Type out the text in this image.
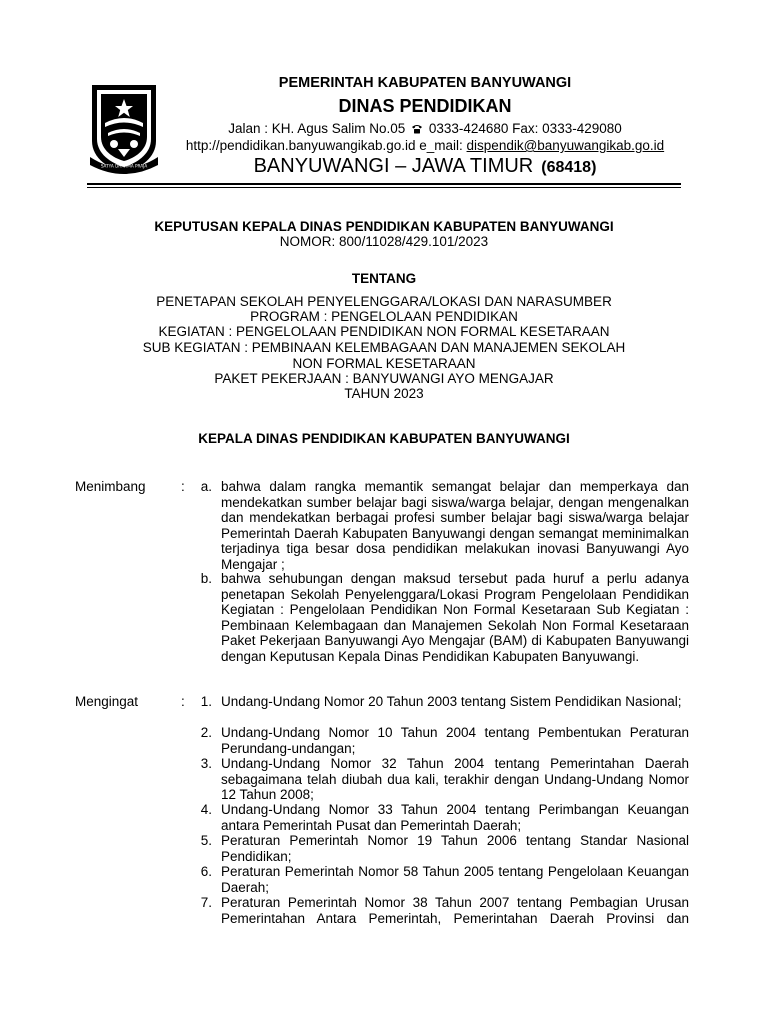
SATYA DHARMA PRAJA
PEMERINTAH KABUPATEN BANYUWANGI
DINAS PENDIDIKAN
Jalan : KH. Agus Salim No.05 0333-424680 Fax: 0333-429080
http://pendidikan.banyuwangikab.go.id e_mail: dispendik@banyuwangikab.go.id
BANYUWANGI – JAWA TIMUR (68418)
KEPUTUSAN KEPALA DINAS PENDIDIKAN KABUPATEN BANYUWANGI
NOMOR: 800/11028/429.101/2023
TENTANG
PENETAPAN SEKOLAH PENYELENGGARA/LOKASI DAN NARASUMBER
PROGRAM : PENGELOLAAN PENDIDIKAN
KEGIATAN : PENGELOLAAN PENDIDIKAN NON FORMAL KESETARAAN
SUB KEGIATAN : PEMBINAAN KELEMBAGAAN DAN MANAJEMEN SEKOLAH
NON FORMAL KESETARAAN
PAKET PEKERJAAN : BANYUWANGI AYO MENGAJAR
TAHUN 2023
KEPALA DINAS PENDIDIKAN KABUPATEN BANYUWANGI
Menimbang	:	a. bahwa dalam rangka memantik semangat belajar dan memperkaya dan mendekatkan sumber belajar bagi siswa/warga belajar, dengan mengenalkan dan mendekatkan berbagai profesi sumber belajar bagi siswa/warga belajar Pemerintah Daerah Kabupaten Banyuwangi dengan semangat meminimalkan terjadinya tiga besar dosa pendidikan melakukan inovasi Banyuwangi Ayo Mengajar ;
b. bahwa sehubungan dengan maksud tersebut pada huruf a perlu adanya penetapan Sekolah Penyelenggara/Lokasi Program Pengelolaan Pendidikan Kegiatan : Pengelolaan Pendidikan Non Formal Kesetaraan Sub Kegiatan : Pembinaan Kelembagaan dan Manajemen Sekolah Non Formal Kesetaraan Paket Pekerjaan Banyuwangi Ayo Mengajar (BAM) di Kabupaten Banyuwangi dengan Keputusan Kepala Dinas Pendidikan Kabupaten Banyuwangi.
Mengingat	:	1. Undang-Undang Nomor 20 Tahun 2003 tentang Sistem Pendidikan Nasional;
2. Undang-Undang Nomor 10 Tahun 2004 tentang Pembentukan Peraturan Perundang-undangan;
3. Undang-Undang Nomor 32 Tahun 2004 tentang Pemerintahan Daerah sebagaimana telah diubah dua kali, terakhir dengan Undang-Undang Nomor 12 Tahun 2008;
4. Undang-Undang Nomor 33 Tahun 2004 tentang Perimbangan Keuangan antara Pemerintah Pusat dan Pemerintah Daerah;
5. Peraturan Pemerintah Nomor 19 Tahun 2006 tentang Standar Nasional Pendidikan;
6. Peraturan Pemerintah Nomor 58 Tahun 2005 tentang Pengelolaan Keuangan Daerah;
7. Peraturan Pemerintah Nomor 38 Tahun 2007 tentang Pembagian Urusan Pemerintahan Antara Pemerintah, Pemerintahan Daerah Provinsi dan
